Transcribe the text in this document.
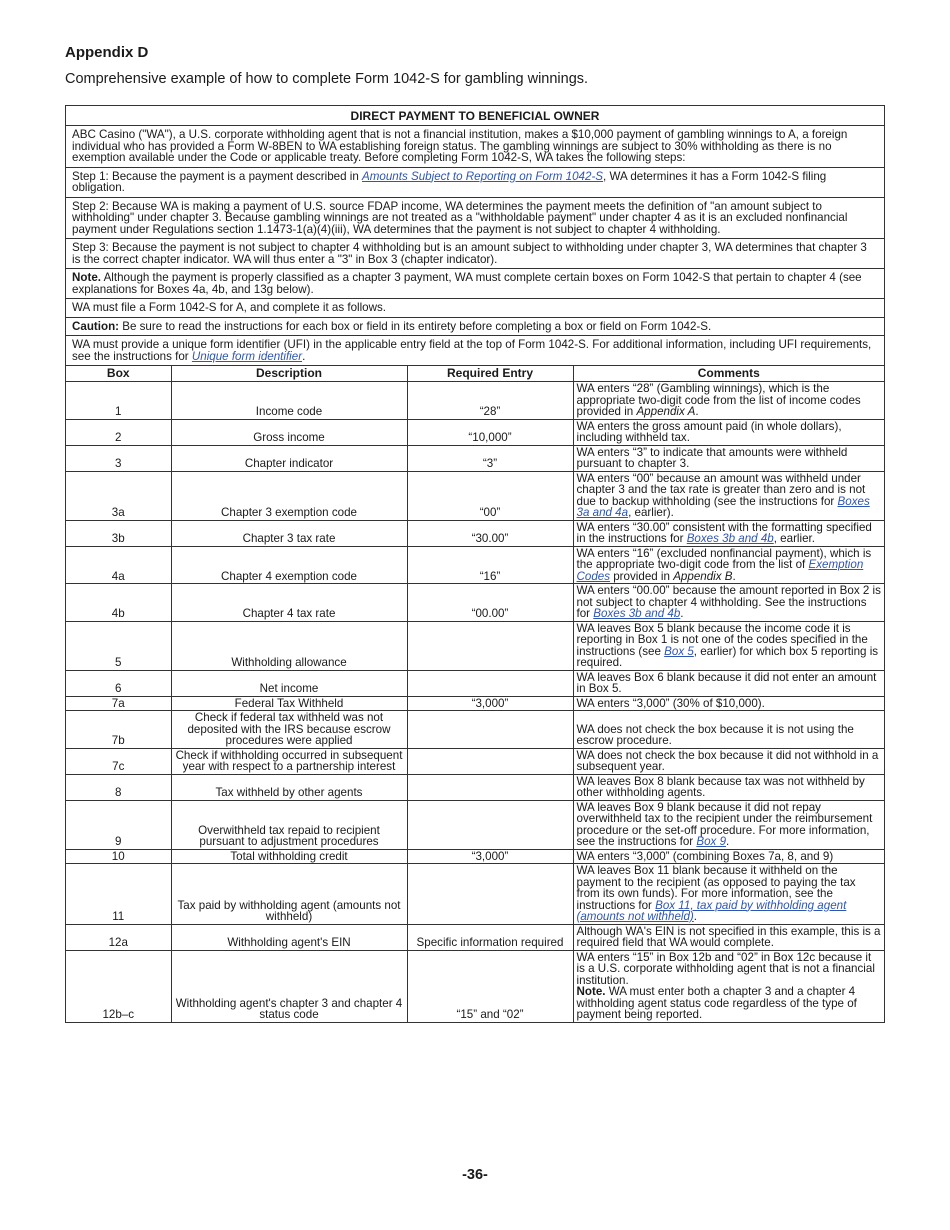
Appendix D

Comprehensive example of how to complete Form 1042-S for gambling winnings.

DIRECT PAYMENT TO BENEFICIAL OWNER
ABC Casino ("WA"), a U.S. corporate withholding agent that is not a financial institution, makes a $10,000 payment of gambling winnings to A, a foreign individual who has provided a Form W-8BEN to WA establishing foreign status. The gambling winnings are subject to 30% withholding as there is no exemption available under the Code or applicable treaty. Before completing Form 1042-S, WA takes the following steps:
Step 1: Because the payment is a payment described in Amounts Subject to Reporting on Form 1042-S, WA determines it has a Form 1042-S filing obligation.
Step 2: Because WA is making a payment of U.S. source FDAP income, WA determines the payment meets the definition of "an amount subject to withholding" under chapter 3. Because gambling winnings are not treated as a "withholdable payment" under chapter 4 as it is an excluded nonfinancial payment under Regulations section 1.1473-1(a)(4)(iii), WA determines that the payment is not subject to chapter 4 withholding.
Step 3: Because the payment is not subject to chapter 4 withholding but is an amount subject to withholding under chapter 3, WA determines that chapter 3 is the correct chapter indicator. WA will thus enter a "3" in Box 3 (chapter indicator).
Note. Although the payment is properly classified as a chapter 3 payment, WA must complete certain boxes on Form 1042-S that pertain to chapter 4 (see explanations for Boxes 4a, 4b, and 13g below).
WA must file a Form 1042-S for A, and complete it as follows.
Caution: Be sure to read the instructions for each box or field in its entirety before completing a box or field on Form 1042-S.
WA must provide a unique form identifier (UFI) in the applicable entry field at the top of Form 1042-S. For additional information, including UFI requirements, see the instructions for Unique form identifier.
Box	Description	Required Entry	Comments
1	Income code	“28”	WA enters “28” (Gambling winnings), which is the appropriate two-digit code from the list of income codes provided in Appendix A.
2	Gross income	“10,000”	WA enters the gross amount paid (in whole dollars), including withheld tax.
3	Chapter indicator	“3”	WA enters “3” to indicate that amounts were withheld pursuant to chapter 3.
3a	Chapter 3 exemption code	“00”	WA enters “00” because an amount was withheld under chapter 3 and the tax rate is greater than zero and is not due to backup withholding (see the instructions for Boxes 3a and 4a, earlier).
3b	Chapter 3 tax rate	“30.00”	WA enters “30.00” consistent with the formatting specified in the instructions for Boxes 3b and 4b, earlier.
4a	Chapter 4 exemption code	“16”	WA enters “16” (excluded nonfinancial payment), which is the appropriate two-digit code from the list of Exemption Codes provided in Appendix B.
4b	Chapter 4 tax rate	“00.00”	WA enters “00.00” because the amount reported in Box 2 is not subject to chapter 4 withholding. See the instructions for Boxes 3b and 4b.
5	Withholding allowance		WA leaves Box 5 blank because the income code it is reporting in Box 1 is not one of the codes specified in the instructions (see Box 5, earlier) for which box 5 reporting is required.
6	Net income		WA leaves Box 6 blank because it did not enter an amount in Box 5.
7a	Federal Tax Withheld	“3,000”	WA enters “3,000” (30% of $10,000).
7b	Check if federal tax withheld was not deposited with the IRS because escrow procedures were applied		WA does not check the box because it is not using the escrow procedure.
7c	Check if withholding occurred in subsequent year with respect to a partnership interest		WA does not check the box because it did not withhold in a subsequent year.
8	Tax withheld by other agents		WA leaves Box 8 blank because tax was not withheld by other withholding agents.
9	Overwithheld tax repaid to recipient pursuant to adjustment procedures		WA leaves Box 9 blank because it did not repay overwithheld tax to the recipient under the reimbursement procedure or the set-off procedure. For more information, see the instructions for Box 9.
10	Total withholding credit	“3,000”	WA enters “3,000” (combining Boxes 7a, 8, and 9)
11	Tax paid by withholding agent (amounts not withheld)		WA leaves Box 11 blank because it withheld on the payment to the recipient (as opposed to paying the tax from its own funds). For more information, see the instructions for Box 11, tax paid by withholding agent (amounts not withheld).
12a	Withholding agent's EIN	Specific information required	Although WA's EIN is not specified in this example, this is a required field that WA would complete.
12b–c	Withholding agent's chapter 3 and chapter 4 status code	“15” and “02”	WA enters “15” in Box 12b and “02” in Box 12c because it is a U.S. corporate withholding agent that is not a financial institution.
Note. WA must enter both a chapter 3 and a chapter 4 withholding agent status code regardless of the type of payment being reported.
-36-
